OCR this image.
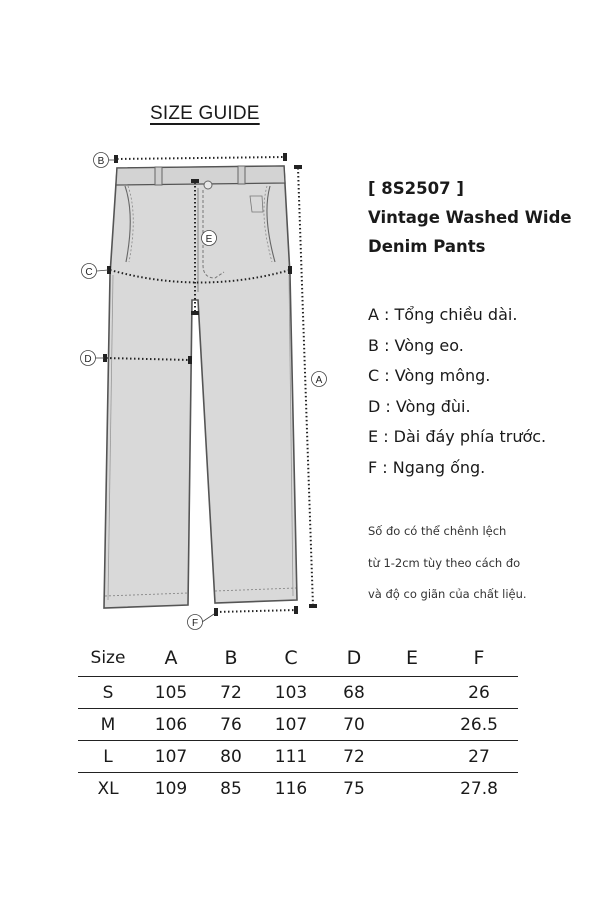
SIZE GUIDE
B
E
C
D
A
F
[ 8S2507 ]
Vintage Washed Wide
Denim Pants
A : Tổng chiều dài.
B : Vòng eo.
C : Vòng mông.
D : Vòng đùi.
E : Dài đáy phía trước.
F : Ngang ống.
Số đo có thể chênh lệch
từ 1-2cm tùy theo cách đo
và độ co giãn của chất liệu.
Size	A	B	C	D	E	F
S	105	72	103	68		26
M	106	76	107	70		26.5
L	107	80	111	72		27
XL	109	85	116	75		27.8
